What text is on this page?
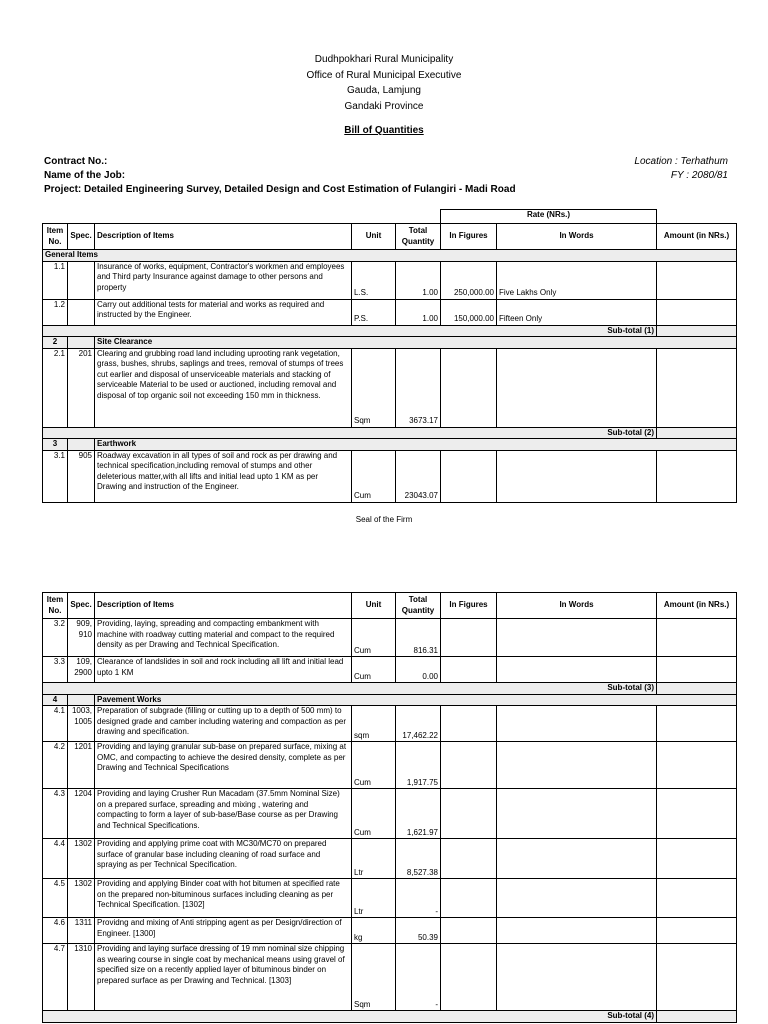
Dudhpokhari Rural Municipality
Office of Rural Municipal Executive
Gauda, Lamjung
Gandaki Province
Bill of Quantities
Contract No.:
Name of the Job:
Project: Detailed Engineering Survey, Detailed Design and Cost Estimation of Fulangiri - Madi Road
Location : Terhathum
FY : 2080/81
					Rate (NRs.)		
Item No.	Spec.	Description of Items	Unit	Total Quantity	In Figures	In Words	Amount (in NRs.)
General Items							
1.1		Insurance of works, equipment, Contractor's workmen and employees and Third party Insurance against damage to other persons and property	L.S.	1.00	250,000.00	Five Lakhs Only	
1.2		Carry out additional tests for material and works as required and instructed by the Engineer.	P.S.	1.00	150,000.00	Fifteen Only	
Sub-total (1)							
2		Site Clearance					
2.1	201	Clearing and grubbing road land including uprooting rank vegetation, grass, bushes, shrubs, saplings and trees, removal of stumps of trees cut earlier and disposal of unserviceable materials and stacking of serviceable Material to be used or auctioned, including removal and disposal of top organic soil not exceeding 150 mm in thickness.	Sqm	3673.17			
Sub-total (2)							
3		Earthwork					
3.1	905	Roadway excavation in all types of soil and rock as per drawing and technical specification,including removal of stumps and other deleterious matter,with all lifts and initial lead upto 1 KM as per Drawing and instruction of the Engineer.	Cum	23043.07			
Seal of the Firm
Item No.	Spec.	Description of Items	Unit	Total Quantity	In Figures	In Words	Amount (in NRs.)
3.2	909, 910	Providing, laying, spreading and compacting embankment with machine with roadway cutting material and compact to the required density as per Drawing and Technical Specification.	Cum	816.31			
3.3	109, 2900	Clearance of landslides in soil and rock including all lift and initial lead upto 1 KM	Cum	0.00			
Sub-total (3)							
4		Pavement Works					
4.1	1003, 1005	Preparation of subgrade (filling or cutting up to a depth of 500 mm) to designed grade and camber including watering and compaction as per drawing and specification.	sqm	17,462.22			
4.2	1201	Providing and laying granular sub-base on prepared surface, mixing at OMC, and compacting to achieve the desired density, complete as per Drawing and Technical Specifications	Cum	1,917.75			
4.3	1204	Providing and laying Crusher Run Macadam (37.5mm Nominal Size) on a prepared surface, spreading and mixing , watering and compacting to form a layer of sub-base/Base course as per Drawing and Technical Specifications.	Cum	1,621.97			
4.4	1302	Providing and applying prime coat with MC30/MC70 on prepared surface of granular base including cleaning of road surface and spraying as per Technical Specification.	Ltr	8,527.38			
4.5	1302	Providing and applying Binder coat with hot bitumen at specified rate on the prepared non-bituminous surfaces including cleaning as per Technical Specification. [1302]	Ltr	-			
4.6	1311	Providng and mixing of Anti stripping agent as per Design/direction of Engineer. [1300]	kg	50.39			
4.7	1310	Providing and laying surface dressing of 19 mm nominal size chipping as wearing course in single coat by mechanical means using gravel of specified size on a recently applied layer of bituminous binder on prepared surface as per Drawing and Technical. [1303]	Sqm	-			
Sub-total (4)							
